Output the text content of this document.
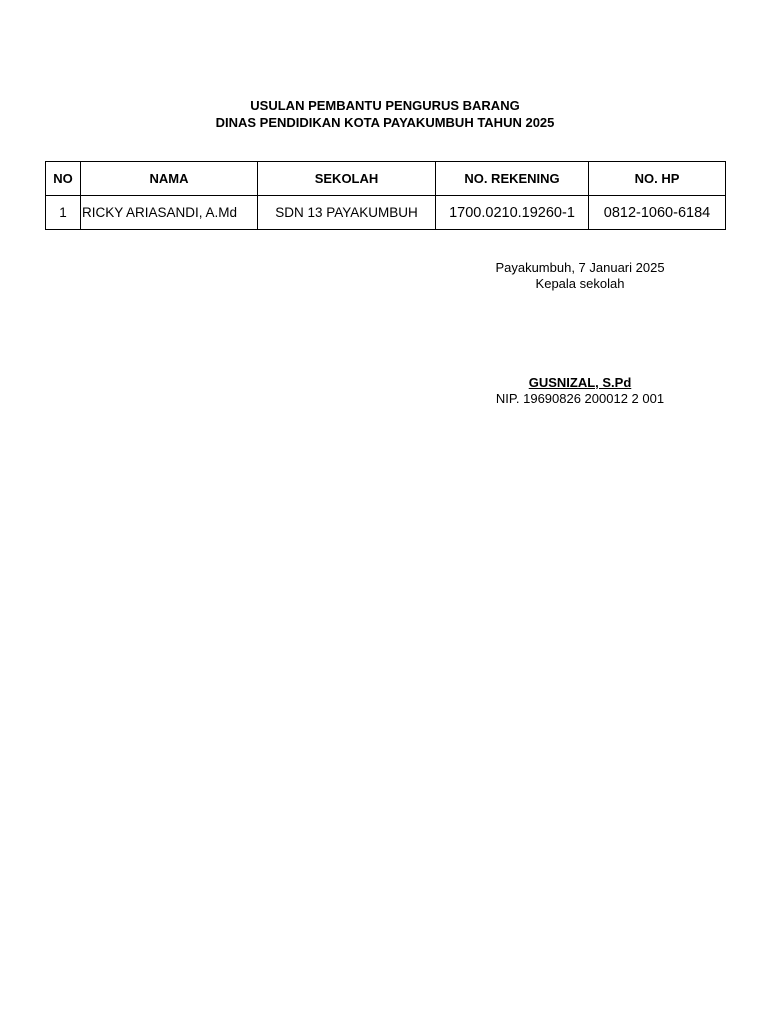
USULAN PEMBANTU PENGURUS BARANG
DINAS PENDIDIKAN KOTA PAYAKUMBUH TAHUN 2025
NO	NAMA	SEKOLAH	NO. REKENING	NO. HP
1	RICKY ARIASANDI, A.Md	SDN 13 PAYAKUMBUH	1700.0210.19260-1	0812-1060-6184
Payakumbuh, 7 Januari 2025
Kepala sekolah
GUSNIZAL, S.Pd
NIP. 19690826 200012 2 001
